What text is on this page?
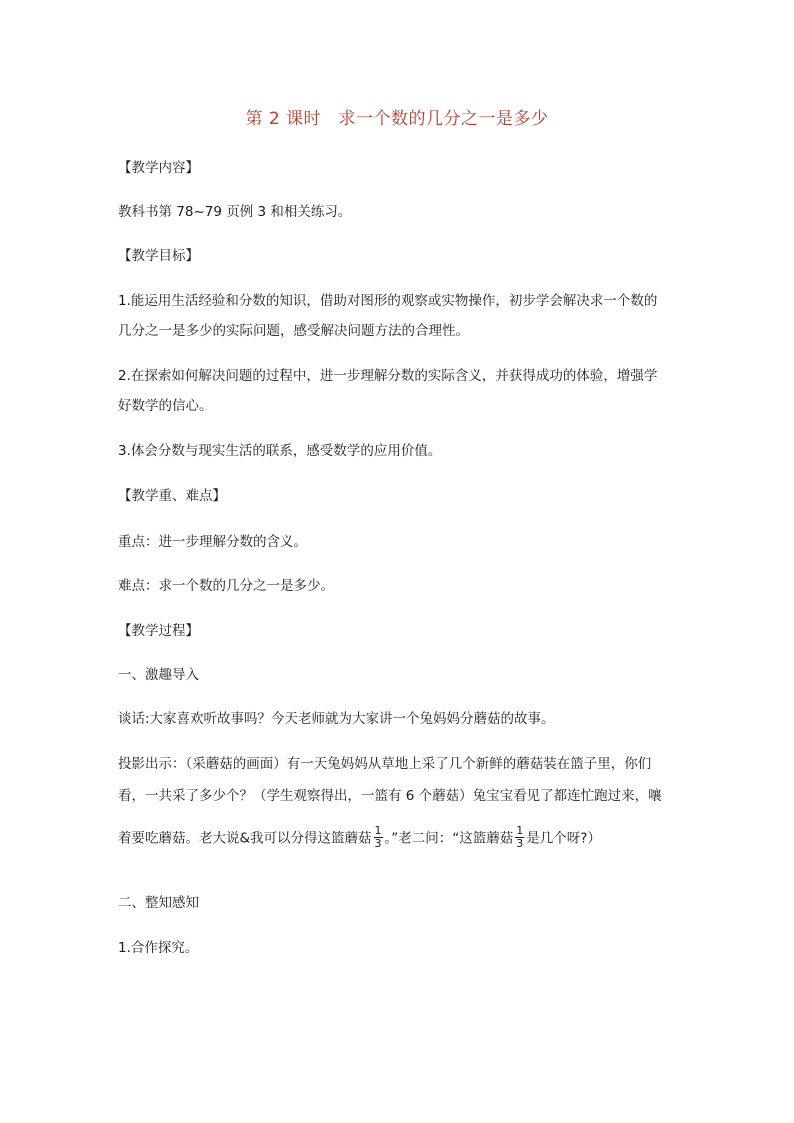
第 2 课时　求一个数的几分之一是多少
【教学内容】
教科书第 78~79 页例 3 和相关练习。
【教学目标】
1.能运用生活经验和分数的知识，借助对图形的观察或实物操作，初步学会解决求一个数的
几分之一是多少的实际问题，感受解决问题方法的合理性。
2.在探索如何解决问题的过程中，进一步理解分数的实际含义，并获得成功的体验，增强学
好数学的信心。
3.体会分数与现实生活的联系，感受数学的应用价值。
【教学重、难点】
重点：进一步理解分数的含义。
难点：求一个数的几分之一是多少。
【教学过程】
一、激趣导入
谈话:大家喜欢听故事吗？今天老师就为大家讲一个兔妈妈分蘑菇的故事。
投影出示：（采蘑菇的画面）有一天兔妈妈从草地上采了几个新鲜的蘑菇装在篮子里，你们
看，一共采了多少个？（学生观察得出，一篮有 6 个蘑菇）兔宝宝看见了都连忙跑过来，嚷
着要吃蘑菇。老大说&我可以分得这篮蘑菇 $\frac{1}{3}$ 。”老二问：“这篮蘑菇 $\frac{1}{3}$ 是几个呀?）
二、整知感知
1.合作探究。
